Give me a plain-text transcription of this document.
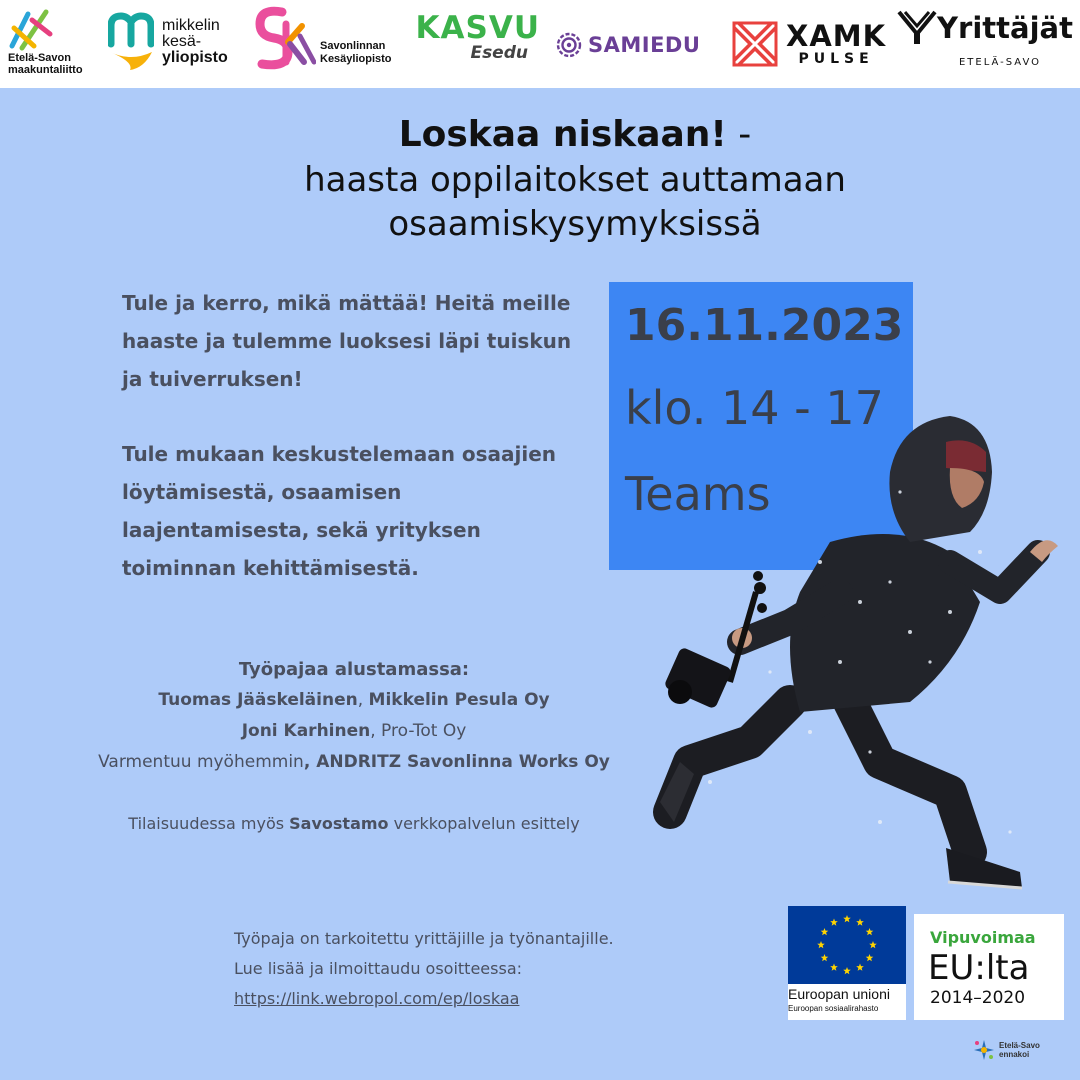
Etelä-Savon
maakuntaliitto
mikkelin
kesä-
yliopisto
Savonlinnan
Kesäyliopisto
KASVU
Esedu	SAMIEDU	XAMK
PULSE
Yrittäjät
ETELÄ-SAVO
Loskaa niskaan! -
haasta oppilaitokset auttamaan
osaamiskysymyksissä

Tule ja kerro, mikä mättää! Heitä meille haaste ja tulemme luoksesi läpi tuiskun ja tuiverruksen!

Tule mukaan keskustelemaan osaajien löytämisestä, osaamisen laajentamisesta, sekä yrityksen toiminnan kehittämisestä.

16.11.2023
klo. 14 - 17
Teams
Työpajaa alustamassa:
Tuomas Jääskeläinen, Mikkelin Pesula Oy
Joni Karhinen, Pro-Tot Oy
Varmentuu myöhemmin, ANDRITZ Savonlinna Works Oy
Tilaisuudessa myös Savostamo verkkopalvelun esittely
Työpaja on tarkoitettu yrittäjille ja työnantajille.
Lue lisää ja ilmoittaudu osoitteessa:
https://link.webropol.com/ep/loskaa	Euroopan unioni
Euroopan sosiaalirahasto
Vipuvoimaa
EU:lta
2014–2020
Etelä-Savo
ennakoi
